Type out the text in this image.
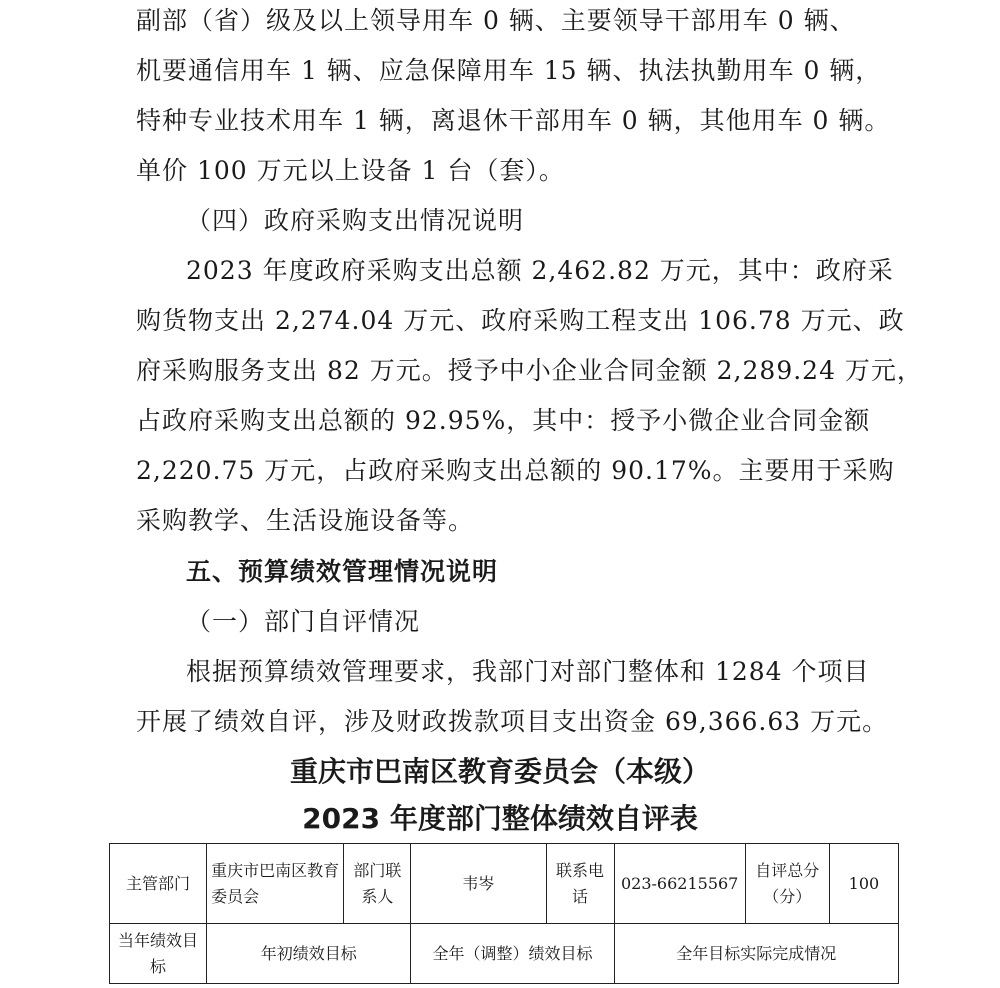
副部（省）级及以上领导用车 0 辆、主要领导干部用车 0 辆、
机要通信用车 1 辆、应急保障用车 15 辆、执法执勤用车 0 辆，
特种专业技术用车 1 辆，离退休干部用车 0 辆，其他用车 0 辆。
单价 100 万元以上设备 1 台（套）。
（四）政府采购支出情况说明
2023 年度政府采购支出总额 2,462.82 万元，其中：政府采
购货物支出 2,274.04 万元、政府采购工程支出 106.78 万元、政
府采购服务支出 82 万元。授予中小企业合同金额 2,289.24 万元，
占政府采购支出总额的 92.95%，其中：授予小微企业合同金额
2,220.75 万元，占政府采购支出总额的 90.17%。主要用于采购
采购教学、生活设施设备等。
五、预算绩效管理情况说明
（一）部门自评情况
根据预算绩效管理要求，我部门对部门整体和 1284 个项目
开展了绩效自评，涉及财政拨款项目支出资金 69,366.63 万元。
重庆市巴南区教育委员会（本级）
2023 年度部门整体绩效自评表
主管部门	重庆市巴南区教育委员会	部门联系人	韦岑	联系电话	023-66215567	自评总分（分）	100
当年绩效目标	年初绩效目标		全年（调整）绩效目标		全年目标实际完成情况		
